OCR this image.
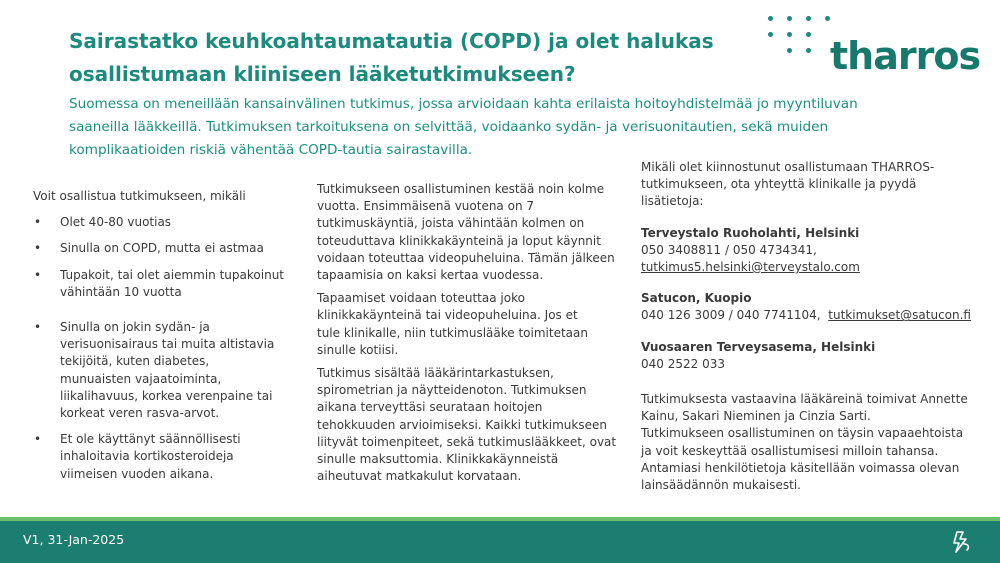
Sairastatko keuhkoahtaumatautia (COPD) ja olet halukas
osallistumaan kliiniseen lääketutkimukseen?
Suomessa on meneillään kansainvälinen tutkimus, jossa arvioidaan kahta erilaista hoitoyhdistelmää jo myyntiluvan
saaneilla lääkkeillä. Tutkimuksen tarkoituksena on selvittää, voidaanko sydän- ja verisuonitautien, sekä muiden
komplikaatioiden riskiä vähentää COPD-tautia sairastavilla.
tharros
Voit osallistua tutkimukseen, mikäli
• Olet 40-80 vuotias
• Sinulla on COPD, mutta ei astmaa
• Tupakoit, tai olet aiemmin tupakoinut
vähintään 10 vuotta
• Sinulla on jokin sydän- ja
verisuonisairaus tai muita altistavia
tekijöitä, kuten diabetes,
munuaisten vajaatoiminta,
liikalihavuus, korkea verenpaine tai
korkeat veren rasva-arvot.
• Et ole käyttänyt säännöllisesti
inhaloitavia kortikosteroideja
viimeisen vuoden aikana.
Tutkimukseen osallistuminen kestää noin kolme
vuotta. Ensimmäisenä vuotena on 7
tutkimuskäyntiä, joista vähintään kolmen on
toteuduttava klinikkakäynteinä ja loput käynnit
voidaan toteuttaa videopuheluina. Tämän jälkeen
tapaamisia on kaksi kertaa vuodessa.
Tapaamiset voidaan toteuttaa joko
klinikkakäynteinä tai videopuheluina. Jos et
tule klinikalle, niin tutkimuslääke toimitetaan
sinulle kotiisi.
Tutkimus sisältää lääkärintarkastuksen,
spirometrian ja näytteidenoton. Tutkimuksen
aikana terveyttäsi seurataan hoitojen
tehokkuuden arvioimiseksi. Kaikki tutkimukseen
liityvät toimenpiteet, sekä tutkimuslääkkeet, ovat
sinulle maksuttomia. Klinikkakäynneistä
aiheutuvat matkakulut korvataan.
Mikäli olet kiinnostunut osallistumaan THARROS-
tutkimukseen, ota yhteyttä klinikalle ja pyydä
lisätietoja:
Terveystalo Ruoholahti, Helsinki
050 3408811 / 050 4734341,
tutkimus5.helsinki@terveystalo.com
Satucon, Kuopio
040 126 3009 / 040 7741104, tutkimukset@satucon.fi
Vuosaaren Terveysasema, Helsinki
040 2522 033
Tutkimuksesta vastaavina lääkäreinä toimivat Annette
Kainu, Sakari Nieminen ja Cinzia Sarti.
Tutkimukseen osallistuminen on täysin vapaaehtoista
ja voit keskeyttää osallistumisesi milloin tahansa.
Antamiasi henkilötietoja käsitellään voimassa olevan
lainsäädännön mukaisesti.
V1, 31-Jan-2025
